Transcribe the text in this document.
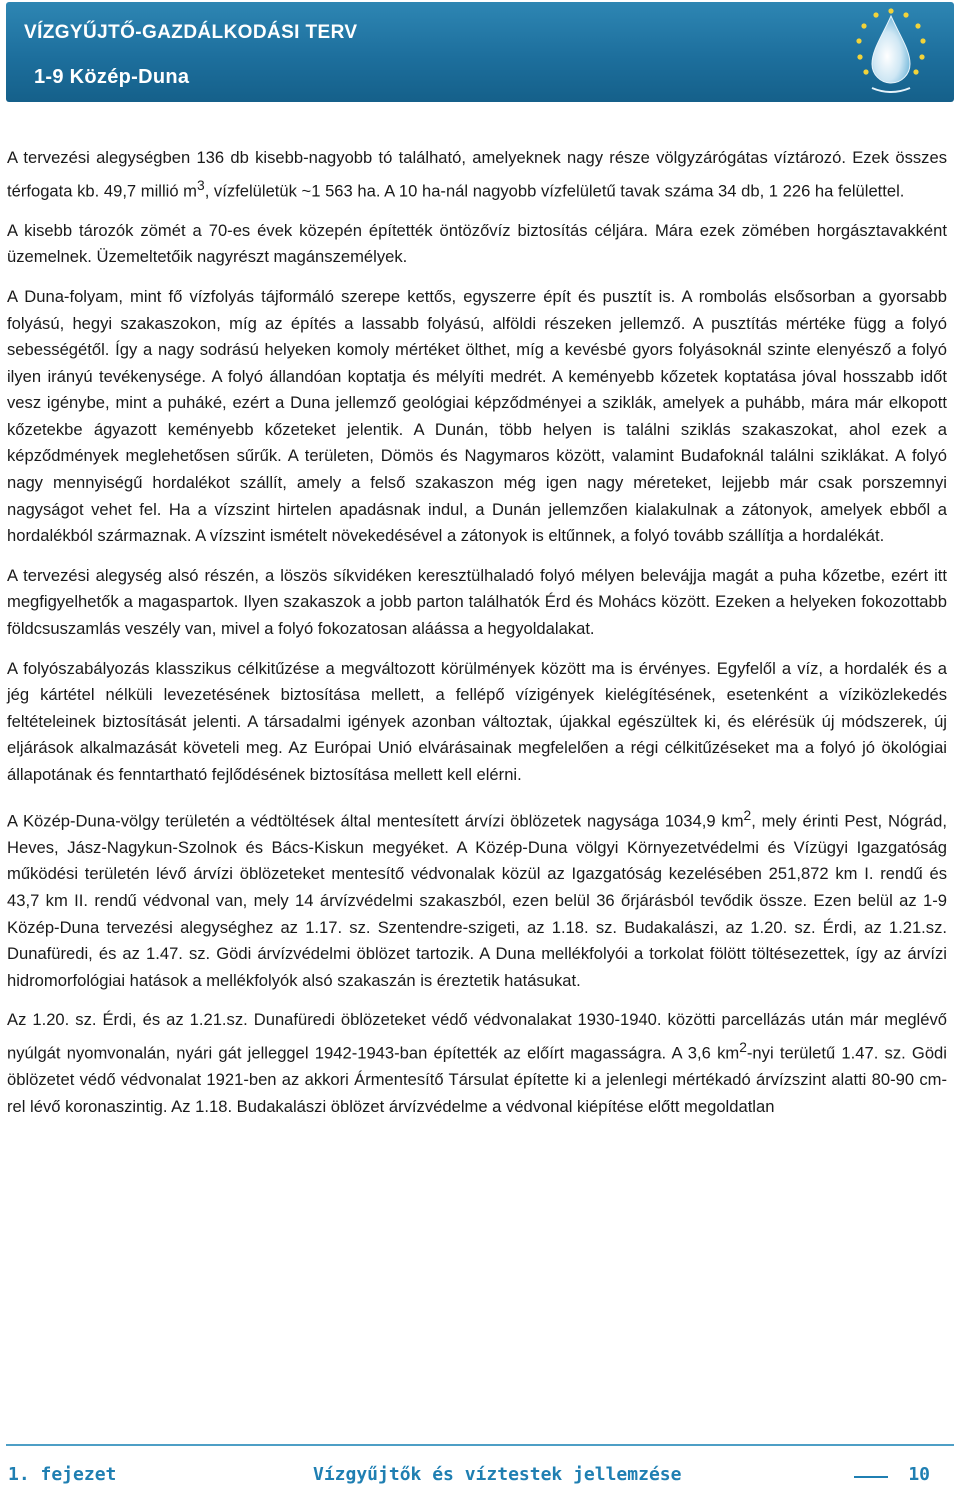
VÍZGYŰJTŐ-GAZDÁLKODÁSI TERV
1-9 Közép-Duna

A tervezési alegységben 136 db kisebb-nagyobb tó található, amelyeknek nagy része völgyzárógátas víztározó. Ezek összes térfogata kb. 49,7 millió $m^3$, vízfelületük ~1 563 ha. A 10 ha-nál nagyobb vízfelületű tavak száma 34 db, 1 226 ha felülettel.

A kisebb tározók zömét a 70-es évek közepén építették öntözővíz biztosítás céljára. Mára ezek zömében horgásztavakként üzemelnek. Üzemeltetőik nagyrészt magánszemélyek.

A Duna-folyam, mint fő vízfolyás tájformáló szerepe kettős, egyszerre épít és pusztít is. A rombolás elsősorban a gyorsabb folyású, hegyi szakaszokon, míg az építés a lassabb folyású, alföldi részeken jellemző. A pusztítás mértéke függ a folyó sebességétől. Így a nagy sodrású helyeken komoly mértéket ölthet, míg a kevésbé gyors folyásoknál szinte elenyésző a folyó ilyen irányú tevékenysége. A folyó állandóan koptatja és mélyíti medrét. A keményebb kőzetek koptatása jóval hosszabb időt vesz igénybe, mint a puháké, ezért a Duna jellemző geológiai képződményei a sziklák, amelyek a puhább, mára már elkopott kőzetekbe ágyazott keményebb kőzeteket jelentik. A Dunán, több helyen is találni sziklás szakaszokat, ahol ezek a képződmények meglehetősen sűrűk. A területen, Dömös és Nagymaros között, valamint Budafoknál találni sziklákat. A folyó nagy mennyiségű hordalékot szállít, amely a felső szakaszon még igen nagy méreteket, lejjebb már csak porszemnyi nagyságot vehet fel. Ha a vízszint hirtelen apadásnak indul, a Dunán jellemzően kialakulnak a zátonyok, amelyek ebből a hordalékból származnak. A vízszint ismételt növekedésével a zátonyok is eltűnnek, a folyó tovább szállítja a hordalékát.

A tervezési alegység alsó részén, a löszös síkvidéken keresztülhaladó folyó mélyen belevájja magát a puha kőzetbe, ezért itt megfigyelhetők a magaspartok. Ilyen szakaszok a jobb parton találhatók Érd és Mohács között. Ezeken a helyeken fokozottabb földcsuszamlás veszély van, mivel a folyó fokozatosan aláássa a hegyoldalakat.

A folyószabályozás klasszikus célkitűzése a megváltozott körülmények között ma is érvényes. Egyfelől a víz, a hordalék és a jég kártétel nélküli levezetésének biztosítása mellett, a fellépő vízigények kielégítésének, esetenként a víziközlekedés feltételeinek biztosítását jelenti. A társadalmi igények azonban változtak, újakkal egészültek ki, és elérésük új módszerek, új eljárások alkalmazását követeli meg. Az Európai Unió elvárásainak megfelelően a régi célkitűzéseket ma a folyó jó ökológiai állapotának és fenntartható fejlődésének biztosítása mellett kell elérni.

A Közép-Duna-völgy területén a védtöltések által mentesített árvízi öblözetek nagysága 1034,9 $km^2$, mely érinti Pest, Nógrád, Heves, Jász-Nagykun-Szolnok és Bács-Kiskun megyéket. A Közép-Duna völgyi Környezetvédelmi és Vízügyi Igazgatóság működési területén lévő árvízi öblözeteket mentesítő védvonalak közül az Igazgatóság kezelésében 251,872 km I. rendű és 43,7 km II. rendű védvonal van, mely 14 árvízvédelmi szakaszból, ezen belül 36 őrjárásból tevődik össze. Ezen belül az 1-9 Közép-Duna tervezési alegységhez az 1.17. sz. Szentendre-szigeti, az 1.18. sz. Budakalászi, az 1.20. sz. Érdi, az 1.21.sz. Dunafüredi, és az 1.47. sz. Gödi árvízvédelmi öblözet tartozik. A Duna mellékfolyói a torkolat fölött töltésezettek, így az árvízi hidromorfológiai hatások a mellékfolyók alsó szakaszán is éreztetik hatásukat.

Az 1.20. sz. Érdi, és az 1.21.sz. Dunafüredi öblözeteket védő védvonalakat 1930-1940. közötti parcellázás után már meglévő nyúlgát nyomvonalán, nyári gát jelleggel 1942-1943-ban építették az előírt magasságra. A 3,6 $km^2$-nyi területű 1.47. sz. Gödi öblözetet védő védvonalat 1921-ben az akkori Ármentesítő Társulat építette ki a jelenlegi mértékadó árvízszint alatti 80-90 cm-rel lévő koronaszintig. Az 1.18. Budakalászi öblözet árvízvédelme a védvonal kiépítése előtt megoldatlan

1. fejezet	Vízgyűjtők és víztestek jellemzése	10
